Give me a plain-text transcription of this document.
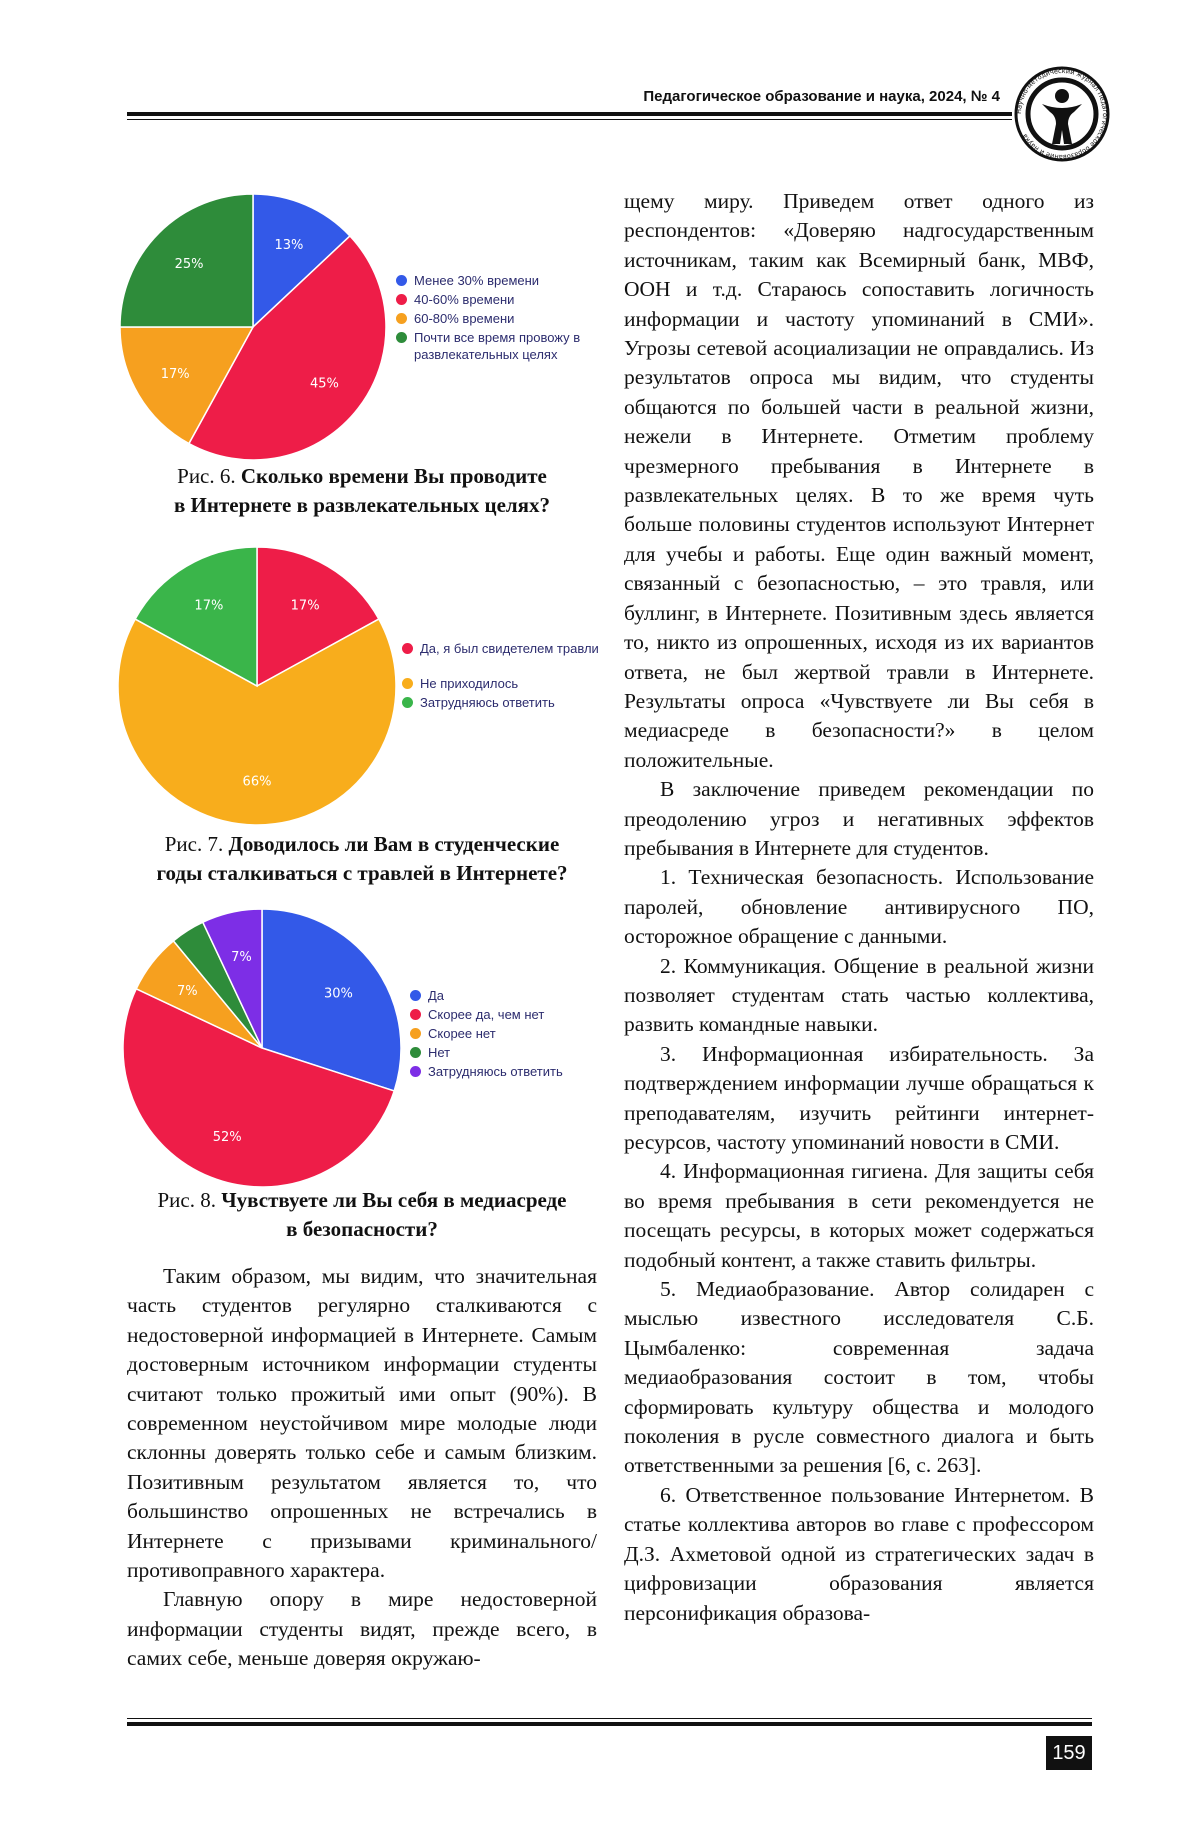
Педагогическое образование и наука, 2024, № 4
Научно-методический журнал Педагогическое образование и наука
13%
45%
17%
25%
Менее 30% времени
40-60% времени
60-80% времени
Почти все время провожу в развлекательных целях
Рис. 6. Сколько времени Вы проводите
в Интернете в развлекательных целях?
17%
66%
17%
Да, я был свидетелем травли
Не приходилось
Затрудняюсь ответить
Рис. 7. Доводилось ли Вам в студенческие
годы сталкиваться с травлей в Интернете?
30%
52%
7%
7%
Да
Скорее да, чем нет
Скорее нет
Нет
Затрудняюсь ответить
Рис. 8. Чувствуете ли Вы себя в медиасреде
в безопасности?

Таким образом, мы видим, что значительная часть студентов регулярно сталкиваются с недостоверной информацией в Интернете. Самым достоверным источником информации студенты считают только прожитый ими опыт (90%). В современном неустойчивом мире молодые люди склонны доверять только себе и самым близким. Позитивным результатом является то, что большинство опрошенных не встречались в Интернете с призывами криминального/противоправного характера.

Главную опору в мире недостоверной информации студенты видят, прежде всего, в самих себе, меньше доверяя окружаю-

щему миру. Приведем ответ одного из респондентов: «Доверяю надгосударственным источникам, таким как Всемирный банк, МВФ, ООН и т.д. Стараюсь сопоставить логичность информации и частоту упоминаний в СМИ». Угрозы сетевой асоциализации не оправдались. Из результатов опроса мы видим, что студенты общаются по большей части в реальной жизни, нежели в Интернете. Отметим проблему чрезмерного пребывания в Интернете в развлекательных целях. В то же время чуть больше половины студентов используют Интернет для учебы и работы. Еще один важный момент, связанный с безопасностью, – это травля, или буллинг, в Интернете. Позитивным здесь является то, никто из опрошенных, исходя из их вариантов ответа, не был жертвой травли в Интернете. Результаты опроса «Чувствуете ли Вы себя в медиасреде в безопасности?» в целом положительные.

В заключение приведем рекомендации по преодолению угроз и негативных эффектов пребывания в Интернете для студентов.

1. Техническая безопасность. Использование паролей, обновление антивирусного ПО, осторожное обращение с данными.

2. Коммуникация. Общение в реальной жизни позволяет студентам стать частью коллектива, развить командные навыки.

3. Информационная избирательность. За подтверждением информации лучше обращаться к преподавателям, изучить рейтинги интернет-ресурсов, частоту упоминаний новости в СМИ.

4. Информационная гигиена. Для защиты себя во время пребывания в сети рекомендуется не посещать ресурсы, в которых может содержаться подобный контент, а также ставить фильтры.

5. Медиаобразование. Автор солидарен с мыслью известного исследователя С.Б. Цымбаленко: современная задача медиаобразования состоит в том, чтобы сформировать культуру общества и молодого поколения в русле совместного диалога и быть ответственными за решения [6, с. 263].

6. Ответственное пользование Интернетом. В статье коллектива авторов во главе с профессором Д.З. Ахметовой одной из стратегических задач в цифровизации образования является персонификация образова-

159
